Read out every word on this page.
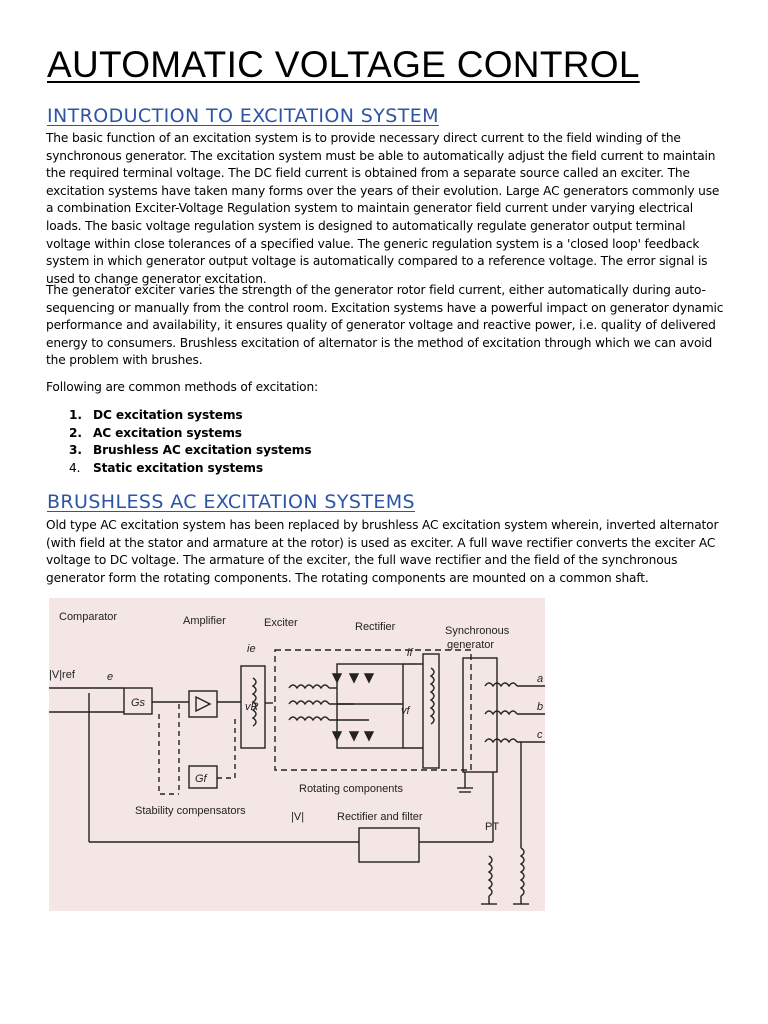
AUTOMATIC VOLTAGE CONTROL
INTRODUCTION TO EXCITATION SYSTEM

The basic function of an excitation system is to provide necessary direct current to the field winding of the synchronous generator. The excitation system must be able to automatically adjust the field current to maintain the required terminal voltage. The DC field current is obtained from a separate source called an exciter. The excitation systems have taken many forms over the years of their evolution. Large AC generators commonly use a combination Exciter-Voltage Regulation system to maintain generator field current under varying electrical loads. The basic voltage regulation system is designed to automatically regulate generator output terminal voltage within close tolerances of a specified value. The generic regulation system is a 'closed loop' feedback system in which generator output voltage is automatically compared to a reference voltage. The error signal is used to change generator excitation.

The generator exciter varies the strength of the generator rotor field current, either automatically during auto-sequencing or manually from the control room. Excitation systems have a powerful impact on generator dynamic performance and availability, it ensures quality of generator voltage and reactive power, i.e. quality of delivered energy to consumers. Brushless excitation of alternator is the method of excitation through which we can avoid the problem with brushes.

Following are common methods of excitation:

1. DC excitation systems
2. AC excitation systems
3. Brushless AC excitation systems
4.	Static excitation systems
BRUSHLESS AC EXCITATION SYSTEMS

Old type AC excitation system has been replaced by brushless AC excitation system wherein, inverted alternator (with field at the stator and armature at the rotor) is used as exciter. A full wave rectifier converts the exciter AC voltage to DC voltage. The armature of the exciter, the full wave rectifier and the field of the synchronous generator form the rotating components. The rotating components are mounted on a common shaft.

Comparator	Amplifier	Exciter	Rectifier	Synchronous
generator
|V|ref	e
Gs
Gf
ie	if
vR	vf
a
b
c
Rotating components
Stability compensators	|V|	Rectifier and filter
PT
